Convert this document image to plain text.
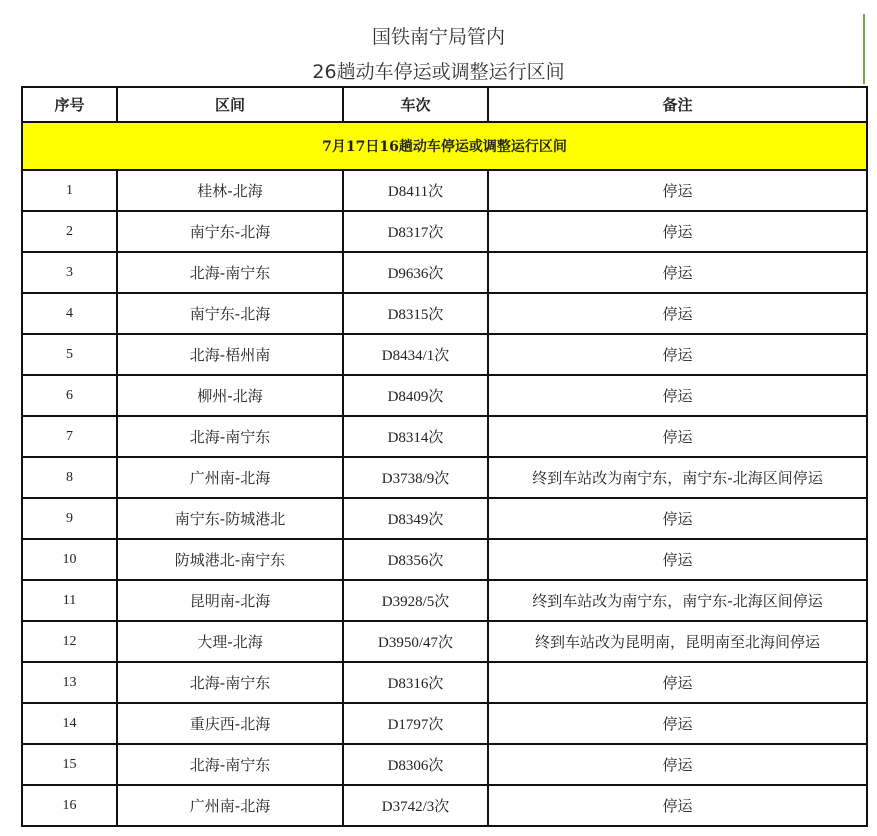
国铁南宁局管内
26趟动车停运或调整运行区间
序号	区间	车次	备注
7月17日16趟动车停运或调整运行区间			
1	桂林-北海	D8411次	停运
2	南宁东-北海	D8317次	停运
3	北海-南宁东	D9636次	停运
4	南宁东-北海	D8315次	停运
5	北海-梧州南	D8434/1次	停运
6	柳州-北海	D8409次	停运
7	北海-南宁东	D8314次	停运
8	广州南-北海	D3738/9次	终到车站改为南宁东，南宁东-北海区间停运
9	南宁东-防城港北	D8349次	停运
10	防城港北-南宁东	D8356次	停运
11	昆明南-北海	D3928/5次	终到车站改为南宁东，南宁东-北海区间停运
12	大理-北海	D3950/47次	终到车站改为昆明南，昆明南至北海间停运
13	北海-南宁东	D8316次	停运
14	重庆西-北海	D1797次	停运
15	北海-南宁东	D8306次	停运
16	广州南-北海	D3742/3次	停运
